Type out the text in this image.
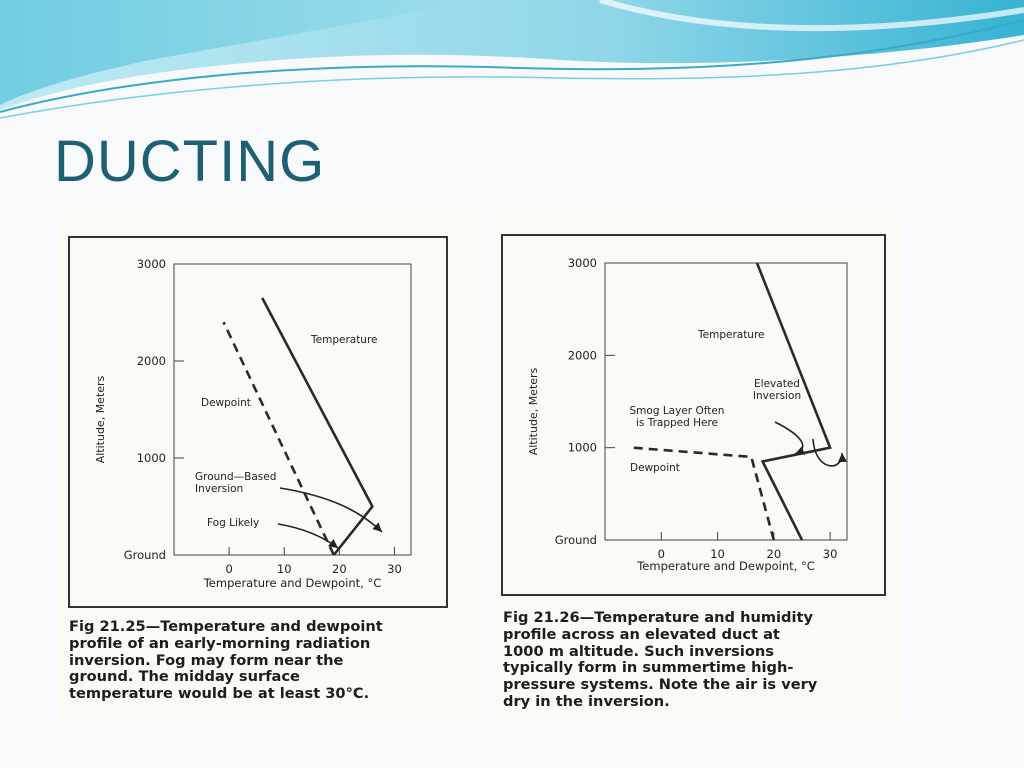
DUCTING
Ground
1000
2000
3000
0	10	20	30
Temperature and Dewpoint, °C
Altitude, Meters
Temperature
Dewpoint
Ground—Based Inversion
Fog Likely
Fig 21.25—Temperature and dewpoint
profile of an early-morning radiation
inversion. Fog may form near the
ground. The midday surface
temperature would be at least 30°C.
Ground
1000
2000
3000
0	10	20	30
Temperature and Dewpoint, °C
Altitude, Meters
Temperature
Elevated Inversion
Smog Layer Often is Trapped Here
Dewpoint
Fig 21.26—Temperature and humidity
profile across an elevated duct at
1000 m altitude. Such inversions
typically form in summertime high-
pressure systems. Note the air is very
dry in the inversion.
